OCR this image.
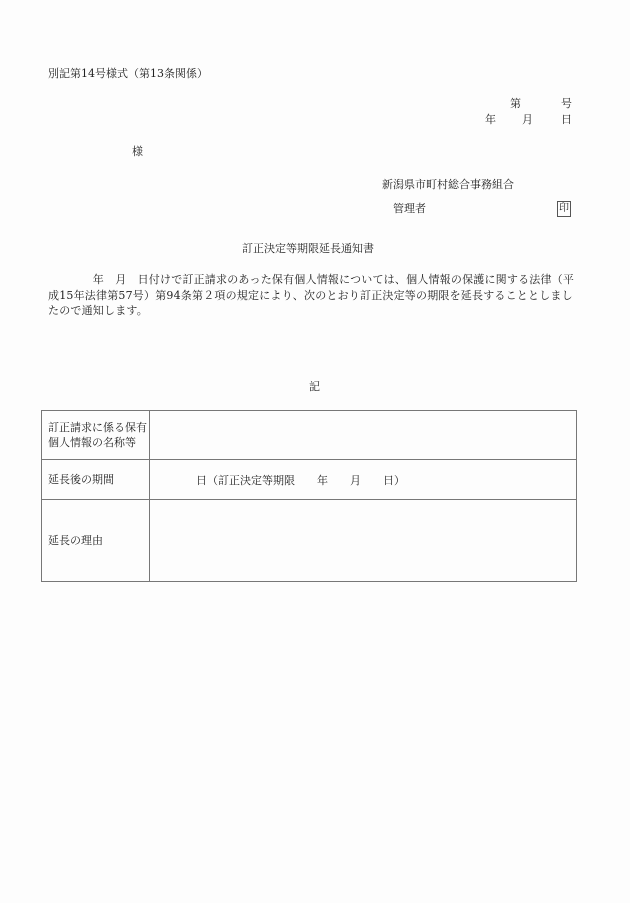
別記第14号様式（第13条関係）
第	号
年 月	日
様
新潟県市町村総合事務組合
管理者	印
訂正決定等期限延長通知書
　　　　年　月　日付けで訂正請求のあった保有個人情報については、個人情報の保護に関する法律（平成15年法律第57号）第94条第２項の規定により、次のとおり訂正決定等の期限を延長することとしましたので通知します。
記
訂正請求に係る保有個人情報の名称等	
延長後の期間	日（訂正決定等期限　　年　　月　　日）
延長の理由	
